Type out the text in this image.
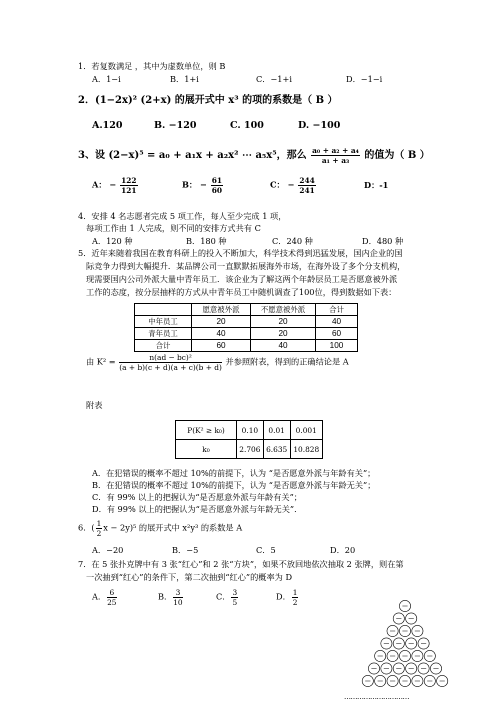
1．若复数满足 ，其中为虚数单位，则 B
A．1−i	B．1+i	C．−1+i	D．−1−i
2．(1−2x)² (2+x) 的展开式中 x³ 的项的系数是（ B ）
A.120	B. −120	C. 100	D. −100
3、设 (2−x)⁵ = a₀ + a₁x + a₂x² ⋯ a₅x⁵，那么 $\frac{\text{a₀ + a₂ + a₄}}{\text{a₁ + a₃}}$ 的值为（ B ）
A： − $\frac{122}{121}$	B： − $\frac{61}{60}$	C： − $\frac{244}{241}$	D：-1
4．安排 4 名志愿者完成 5 项工作，每人至少完成 1 项，
每项工作由 1 人完成，则不同的安排方式共有 C
A．120 种	B．180 种	C．240 种	D．480 种
5．近年来随着我国在教育科研上的投入不断加大，科学技术得到迅猛发展，国内企业的国
际竞争力得到大幅提升．某品牌公司一直默默拓展海外市场，在海外设了多个分支机构，
现需要国内公司外派大量中青年员工．该企业为了解这两个年龄层员工是否愿意被外派
工作的态度，按分层抽样的方式从中青年员工中随机调查了100位，得到数据如下表：
	愿意被外派	不愿意被外派	合计
中年员工	20	20	40
青年员工	40	20	60
合计	60	40	100
由 $K^2 = \frac{\text{n(ad − bc)²}}{(a + b)(c + d)(a + c)(b + d)}$ 并参照附表，得到的正确结论是 A
附表
P(K² ≥ k₀)	0.10	0.01	0.001
k₀	2.706	6.635	10.828
A．在犯错误的概率不超过 10%的前提下，认为 “是否愿意外派与年龄有关”；
B．在犯错误的概率不超过 10%的前提下，认为 “是否愿意外派与年龄无关”；
C．有 99% 以上的把握认为“是否愿意外派与年龄有关”；
D．有 99% 以上的把握认为“是否愿意外派与年龄无关”．
6．( $\frac{1}{2}$ x − 2y)⁵ 的展开式中 x²y³ 的系数是 A
A．−20	B．−5	C．5	D．20
7．在 5 张扑克牌中有 3 张“红心”和 2 张“方块”，如果不放回地依次抽取 2 张牌，则在第
一次抽到“红心”的条件下，第二次抽到“红心”的概率为 D
A． $\frac{6}{25}$	B． $\frac{3}{10}$	C． $\frac{3}{5}$	D． $\frac{1}{2}$
…………………………
